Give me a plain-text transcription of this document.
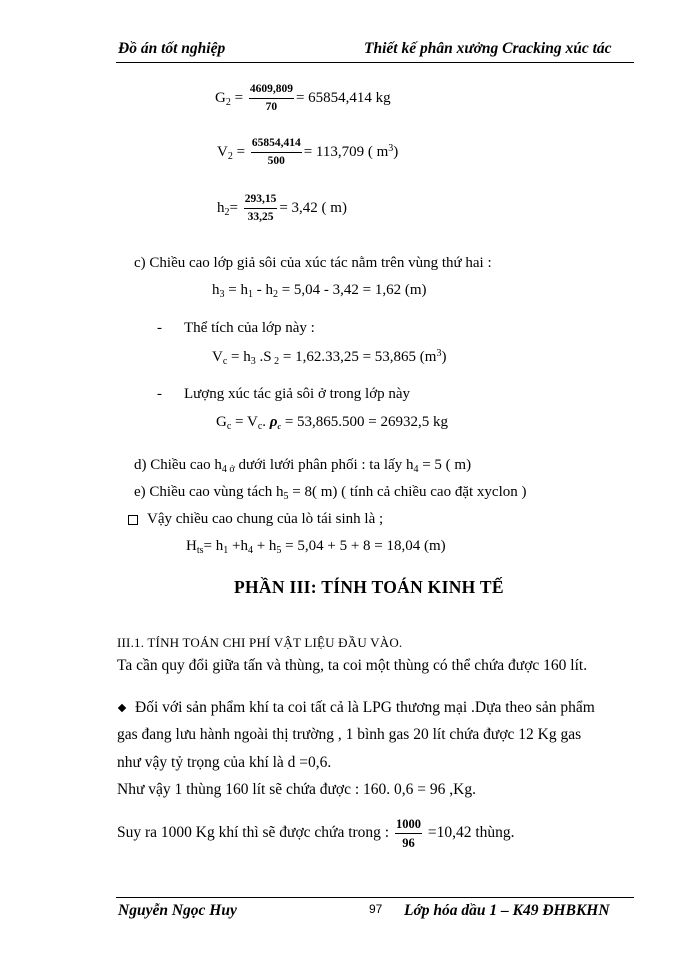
Đồ án tốt nghiệp	Thiết kế phân xưởng Cracking xúc tác
$G_2 = \frac{4609,809}{70} = 65854,414$ kg
$V_2 = \frac{65854,414}{500} = 113,709$ ( $m^3$)
$h_2= \frac{293,15}{33,25} = 3,42$ ( m)
c) Chiều cao lớp giả sôi của xúc tác nằm trên vùng thứ hai :
$h_3 = h_1 - h_2 = 5,04 - 3,42 = 1,62$ (m)
- Thể tích của lớp này :
$V_c = h_3$ .S $_2$ = 1,62.33,25 = 53,865 $(m^3)$
- Lượng xúc tác giả sôi ở trong lớp này
$G_c = V_c$. $\rho_c = 53,865.500 = 26932,5$ kg
d) Chiều cao $h_{4 ở}$ dưới lưới phân phối : ta lấy $h_4 = 5$ ( m)
e) Chiều cao vùng tách $h_5 = 8$( m) ( tính cả chiều cao đặt xyclon )
Vậy chiều cao chung của lò tái sinh là ;
$H_{ts}= h_1 +h_4 + h_5 = 5,04 + 5 + 8 = 18,04$ (m)
PHẦN III: TÍNH TOÁN KINH TẾ
III.1. TÍNH TOÁN CHI PHÍ VẬT LIỆU ĐẦU VÀO.
Ta cần quy đổi giữa tấn và thùng, ta coi một thùng có thể chứa được 160 lít.
Đối với sản phẩm khí ta coi tất cả là LPG thương mại .Dựa theo sản phẩm
gas đang lưu hành ngoài thị trường , 1 bình gas 20 lít chứa được 12 Kg gas
như vậy tỷ trọng của khí là d =0,6.
Như vậy 1 thùng 160 lít sẽ chứa được : 160. 0,6 = 96 ,Kg.
Suy ra 1000 Kg khí thì sẽ được chứa trong : $\frac{1000}{96} =10,42$ thùng.
Nguyễn Ngọc Huy	97 Lớp hóa dầu 1 – K49 ĐHBKHN
